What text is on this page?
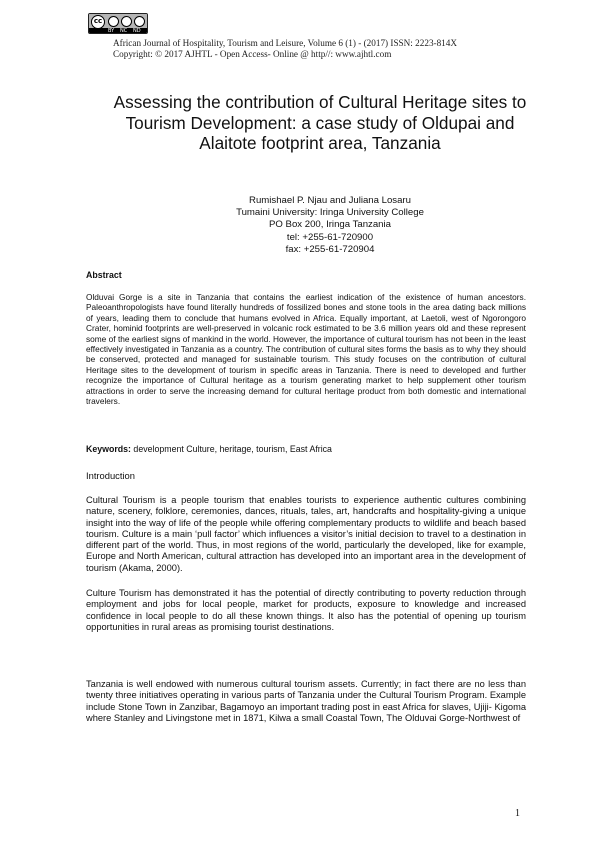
cc
BY NC ND
African Journal of Hospitality, Tourism and Leisure, Volume 6 (1) - (2017) ISSN: 2223-814X
Copyright: © 2017 AJHTL - Open Access- Online @ http//: www.ajhtl.com
Assessing the contribution of Cultural Heritage sites to Tourism Development: a case study of Oldupai and Alaitote footprint area, Tanzania
Rumishael P. Njau and Juliana Losaru
Tumaini University: Iringa University College
PO Box 200, Iringa Tanzania
tel: +255-61-720900
fax: +255-61-720904
Abstract
Olduvai Gorge is a site in Tanzania that contains the earliest indication of the existence of human ancestors. Paleoanthropologists have found literally hundreds of fossilized bones and stone tools in the area dating back millions of years, leading them to conclude that humans evolved in Africa. Equally important, at Laetoli, west of Ngorongoro Crater, hominid footprints are well-preserved in volcanic rock estimated to be 3.6 million years old and these represent some of the earliest signs of mankind in the world. However, the importance of cultural tourism has not been in the least effectively investigated in Tanzania as a country. The contribution of cultural sites forms the basis as to why they should be conserved, protected and managed for sustainable tourism. This study focuses on the contribution of cultural Heritage sites to the development of tourism in specific areas in Tanzania. There is need to developed and further recognize the importance of Cultural heritage as a tourism generating market to help supplement other tourism attractions in order to serve the increasing demand for cultural heritage product from both domestic and international travelers.
Keywords: development Culture, heritage, tourism, East Africa
Introduction
Cultural Tourism is a people tourism that enables tourists to experience authentic cultures combining nature, scenery, folklore, ceremonies, dances, rituals, tales, art, handcrafts and hospitality-giving a unique insight into the way of life of the people while offering complementary products to wildlife and beach based tourism. Culture is a main ‘pull factor’ which influences a visitor’s initial decision to travel to a destination in different part of the world. Thus, in most regions of the world, particularly the developed, like for example, Europe and North American, cultural attraction has developed into an important area in the development of tourism (Akama, 2000).
Culture Tourism has demonstrated it has the potential of directly contributing to poverty reduction through employment and jobs for local people, market for products, exposure to knowledge and increased confidence in local people to do all these known things. It also has the potential of opening up tourism opportunities in rural areas as promising tourist destinations.
Tanzania is well endowed with numerous cultural tourism assets. Currently; in fact there are no less than twenty three initiatives operating in various parts of Tanzania under the Cultural Tourism Program. Example include Stone Town in Zanzibar, Bagamoyo an important trading post in east Africa for slaves, Ujiji- Kigoma where Stanley and Livingstone met in 1871, Kilwa a small Coastal Town, The Olduvai Gorge-Northwest of
1
